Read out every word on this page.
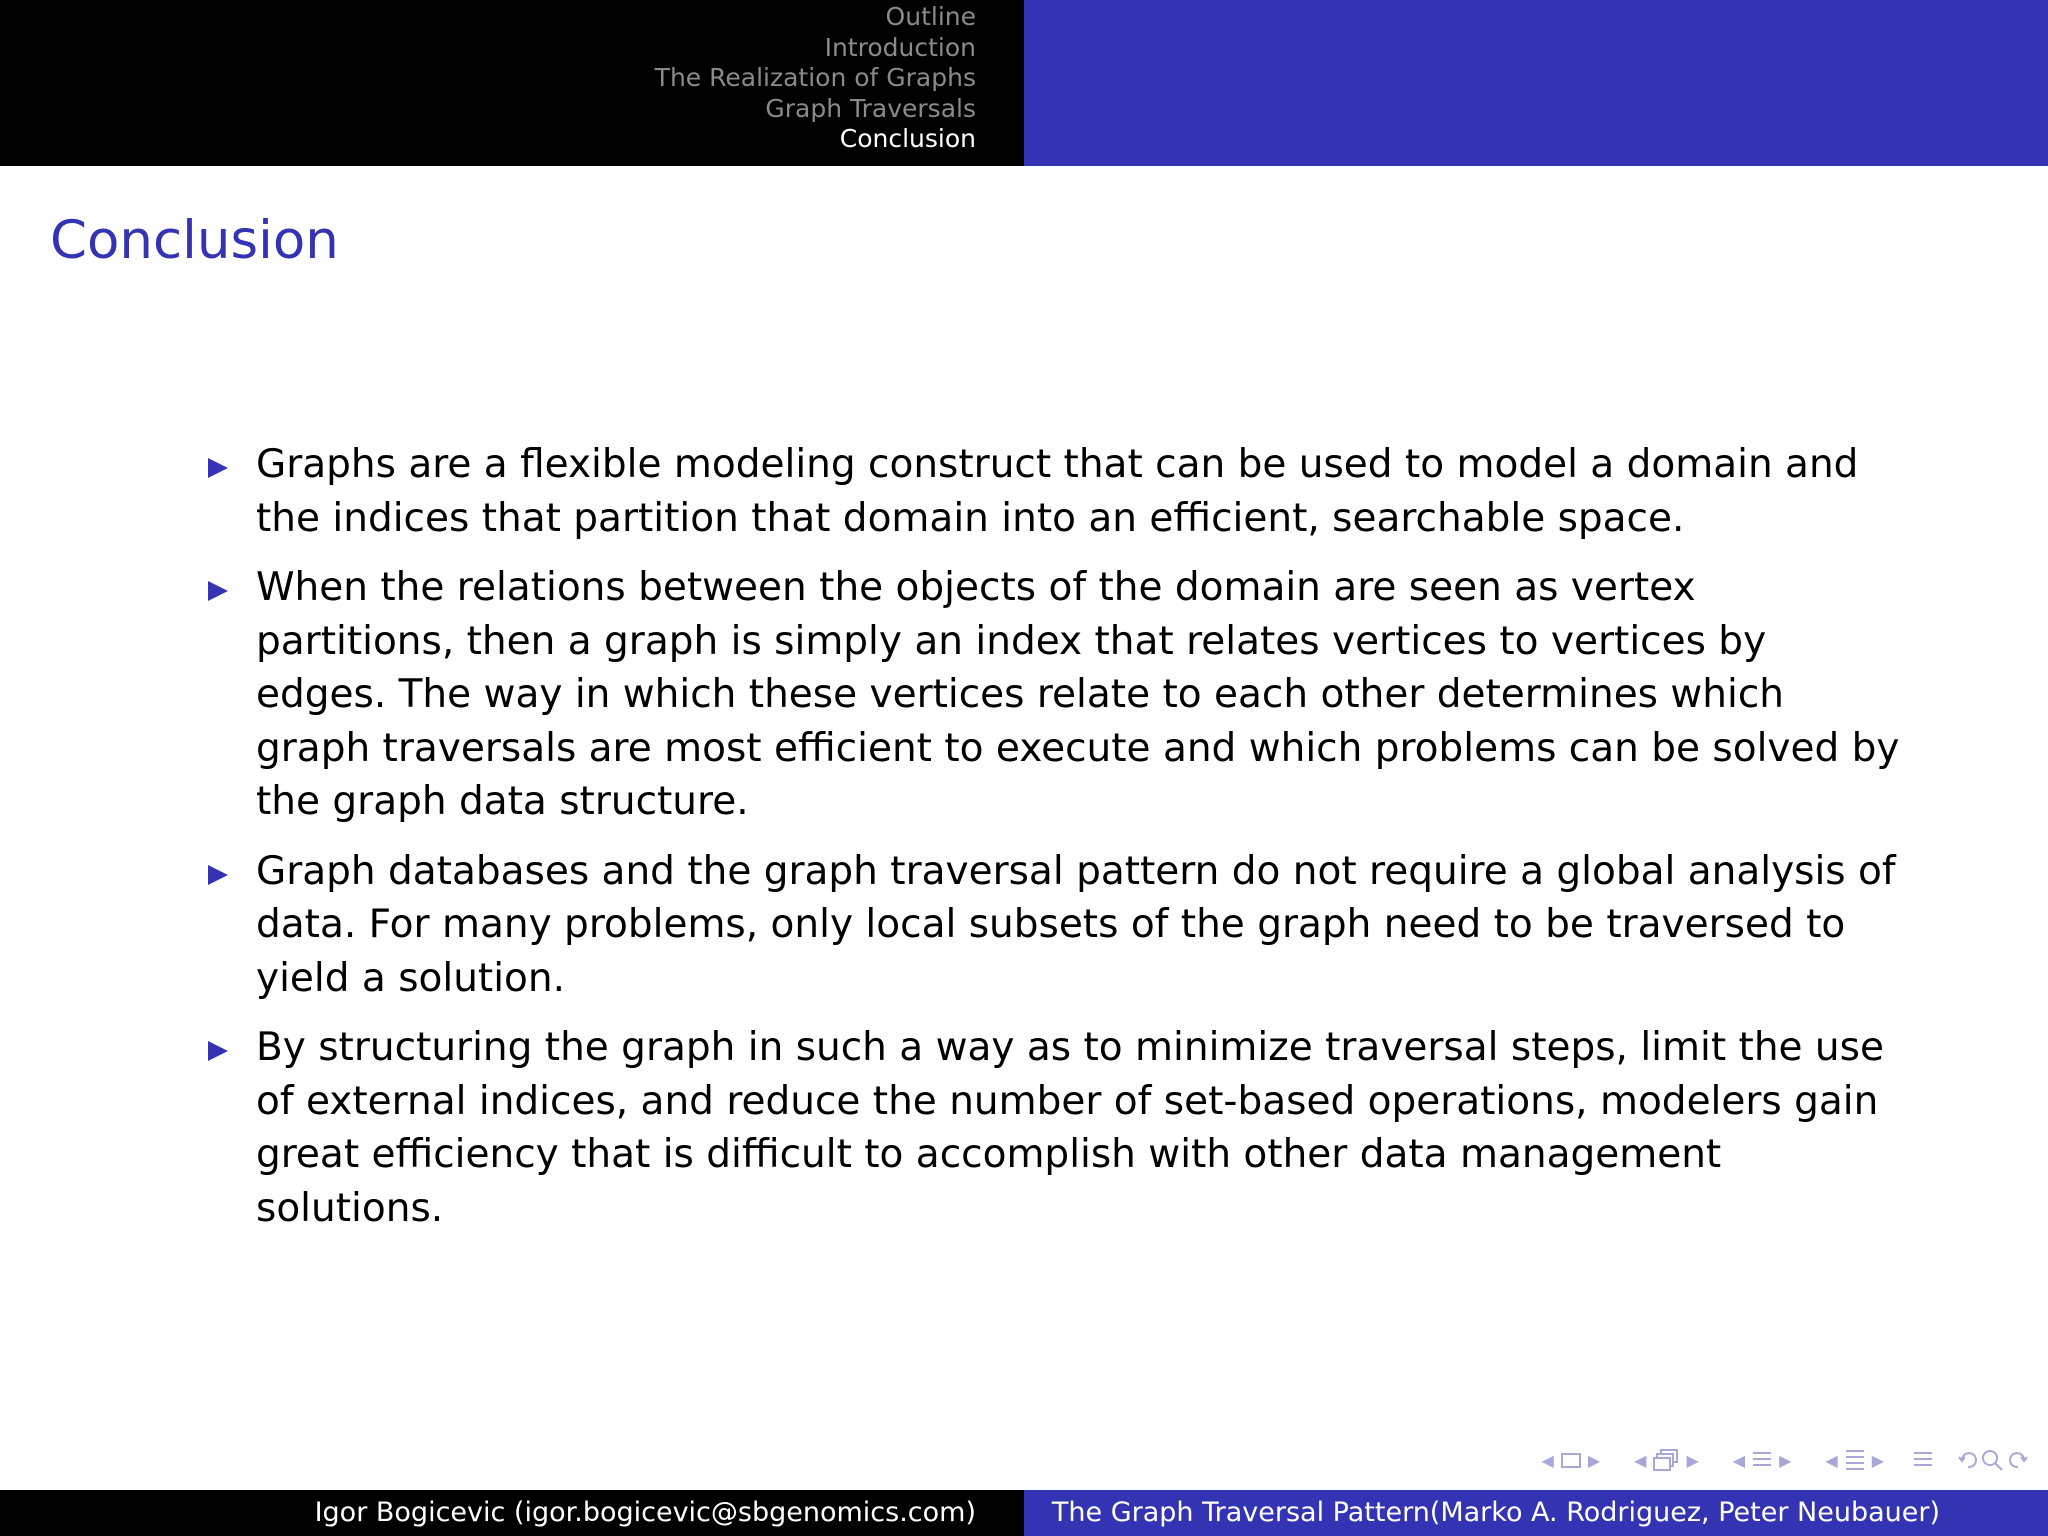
Outline
Introduction
The Realization of Graphs
Graph Traversals
Conclusion
Conclusion
Graphs are a flexible modeling construct that can be used to model a domain and the indices that partition that domain into an efficient, searchable space.
When the relations between the objects of the domain are seen as vertex partitions, then a graph is simply an index that relates vertices to vertices by edges. The way in which these vertices relate to each other determines which graph traversals are most efficient to execute and which problems can be solved by the graph data structure.
Graph databases and the graph traversal pattern do not require a global analysis of data. For many problems, only local subsets of the graph need to be traversed to yield a solution.
By structuring the graph in such a way as to minimize traversal steps, limit the use of external indices, and reduce the number of set-based operations, modelers gain great efficiency that is difficult to accomplish with other data management solutions.
◀ ▶ ◀	▶ ◀ ▶ ◀ ▶
Igor Bogicevic (igor.bogicevic@sbgenomics.com)	The Graph Traversal Pattern(Marko A. Rodriguez, Peter Neubauer)
